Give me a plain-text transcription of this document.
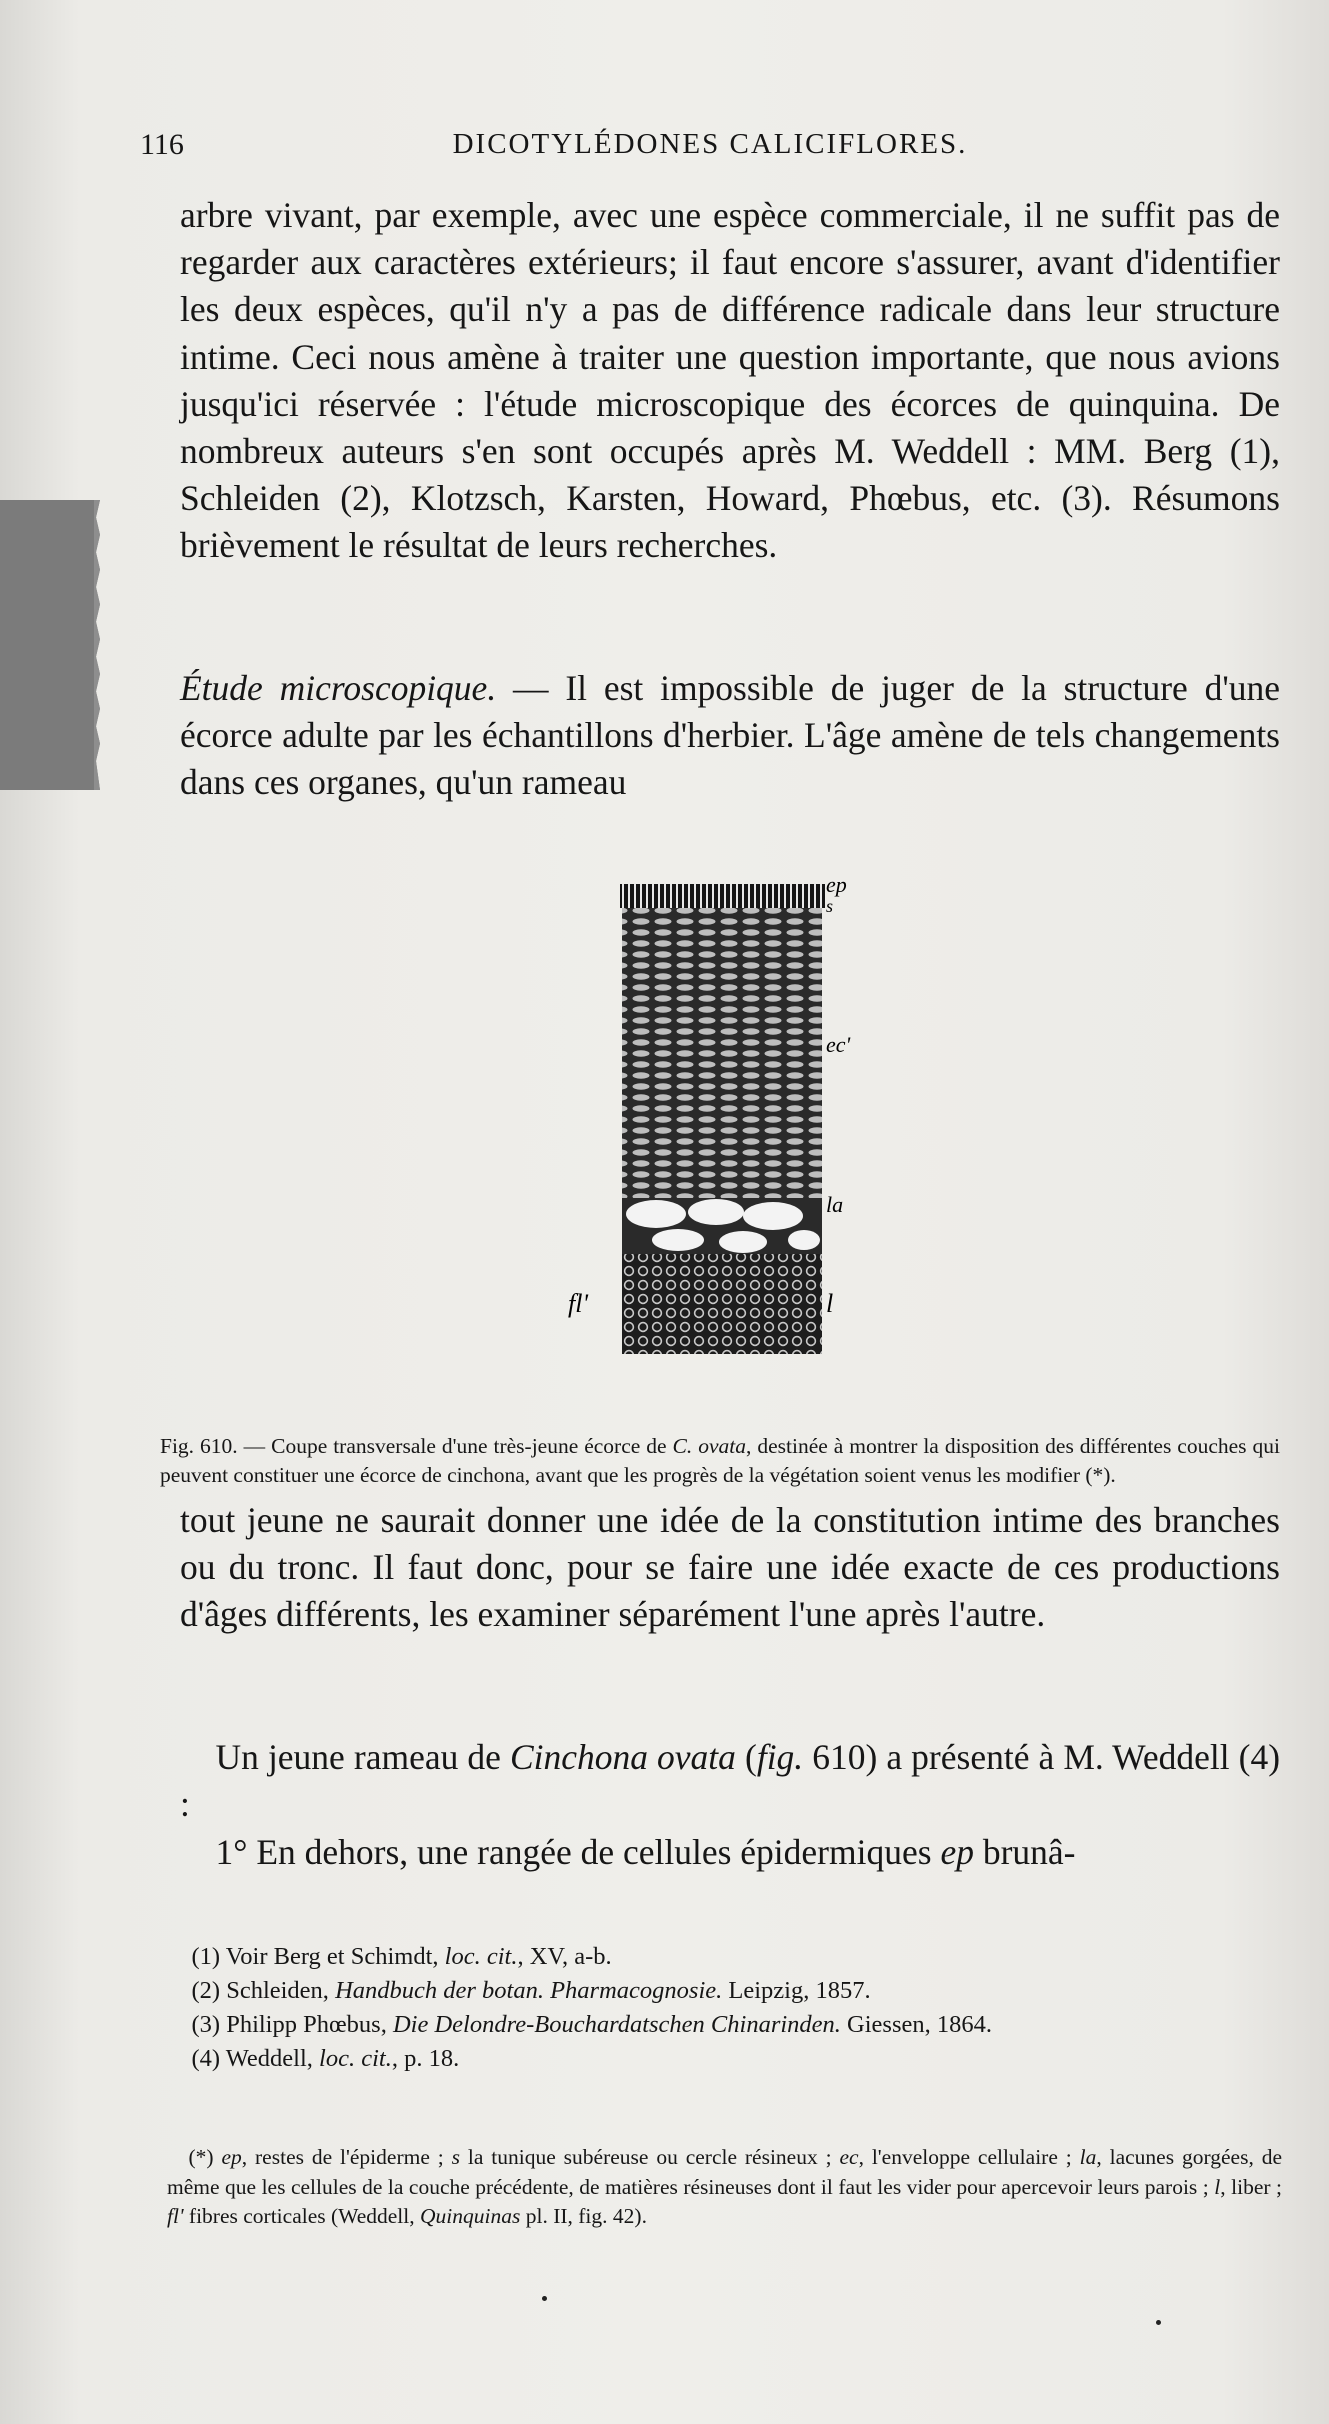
116	DICOTYLÉDONES CALICIFLORES.

arbre vivant, par exemple, avec une espèce commerciale, il ne suffit pas de regarder aux caractères extérieurs; il faut encore s'assurer, avant d'identifier les deux espèces, qu'il n'y a pas de différence radicale dans leur structure intime. Ceci nous amène à traiter une question importante, que nous avions jusqu'ici réservée : l'étude microscopique des écorces de quinquina. De nombreux auteurs s'en sont occupés après M. Weddell : MM. Berg (1), Schleiden (2), Klotzsch, Karsten, Howard, Phœbus, etc. (3). Résumons brièvement le résultat de leurs recherches.

Étude microscopique. — Il est impossible de juger de la structure d'une écorce adulte par les échantillons d'herbier. L'âge amène de tels changements dans ces organes, qu'un rameau

ep
s
ec'
la
fl'	l

Fig. 610. — Coupe transversale d'une très-jeune écorce de C. ovata, destinée à montrer la disposition des différentes couches qui peuvent constituer une écorce de cinchona, avant que les progrès de la végétation soient venus les modifier (*).

tout jeune ne saurait donner une idée de la constitution intime des branches ou du tronc. Il faut donc, pour se faire une idée exacte de ces productions d'âges différents, les examiner séparément l'une après l'autre.

 Un jeune rameau de Cinchona ovata (fig. 610) a présenté à M. Weddell (4) :

 1° En dehors, une rangée de cellules épidermiques ep brunâ-

 (1) Voir Berg et Schimdt, loc. cit., XV, a-b.

 (2) Schleiden, Handbuch der botan. Pharmacognosie. Leipzig, 1857.

 (3) Philipp Phœbus, Die Delondre-Bouchardatschen Chinarinden. Giessen, 1864.

 (4) Weddell, loc. cit., p. 18.

 (*) ep, restes de l'épiderme ; s la tunique subéreuse ou cercle résineux ; ec, l'enveloppe cellulaire ; la, lacunes gorgées, de même que les cellules de la couche précédente, de matières résineuses dont il faut les vider pour apercevoir leurs parois ; l, liber ; fl' fibres corticales (Weddell, Quinquinas pl. II, fig. 42).
